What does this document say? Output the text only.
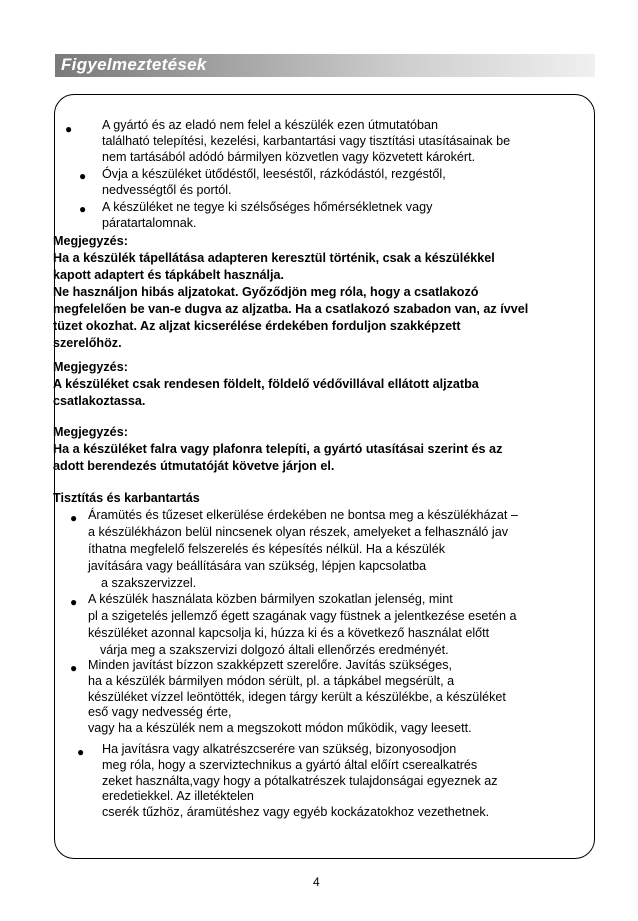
Figyelmeztetések
● A gyártó és az eladó nem felel a készülék ezen útmutatóban
található telepítési, kezelési, karbantartási vagy tisztítási utasításainak be
nem tartásából adódó bármilyen közvetlen vagy közvetett károkért.
● Óvja a készüléket ütődéstől, leeséstől, rázkódástól, rezgéstől,
nedvességtől és portól.
● A készüléket ne tegye ki szélsőséges hőmérsékletnek vagy
páratartalomnak.
Megjegyzés:
Ha a készülék tápellátása adapteren keresztül történik, csak a készülékkel
kapott adaptert és tápkábelt használja.
Ne használjon hibás aljzatokat. Győződjön meg róla, hogy a csatlakozó
megfelelően be van-e dugva az aljzatba. Ha a csatlakozó szabadon van, az ívvel
tüzet okozhat. Az aljzat kicserélése érdekében forduljon szakképzett
szerelőhöz.
Megjegyzés:
A készüléket csak rendesen földelt, földelő védővillával ellátott aljzatba
csatlakoztassa.
Megjegyzés:
Ha a készüléket falra vagy plafonra telepíti, a gyártó utasításai szerint és az
adott berendezés útmutatóját követve járjon el.
Tisztítás és karbantartás
● Áramütés és tűzeset elkerülése érdekében ne bontsa meg a készülékházat –
a készülékházon belül nincsenek olyan részek, amelyeket a felhasználó jav
íthatna megfelelő felszerelés és képesítés nélkül. Ha a készülék
javítására vagy beállítására van szükség, lépjen kapcsolatba
a szakszervizzel.
● A készülék használata közben bármilyen szokatlan jelenség, mint
pl a szigetelés jellemző égett szagának vagy füstnek a jelentkezése esetén a
készüléket azonnal kapcsolja ki, húzza ki és a következő használat előtt
várja meg a szakszervizi dolgozó általi ellenőrzés eredményét.
● Minden javítást bízzon szakképzett szerelőre. Javítás szükséges,
ha a készülék bármilyen módon sérült, pl. a tápkábel megsérült, a
készüléket vízzel leöntötték, idegen tárgy került a készülékbe, a készüléket
eső vagy nedvesség érte,
vagy ha a készülék nem a megszokott módon működik, vagy leesett.
● Ha javításra vagy alkatrészcserére van szükség, bizonyosodjon
meg róla, hogy a szerviztechnikus a gyártó által előírt cserealkatrés
zeket használta,vagy hogy a pótalkatrészek tulajdonságai egyeznek az
eredetiekkel. Az illetéktelen
cserék tűzhöz, áramütéshez vagy egyéb kockázatokhoz vezethetnek.
4
